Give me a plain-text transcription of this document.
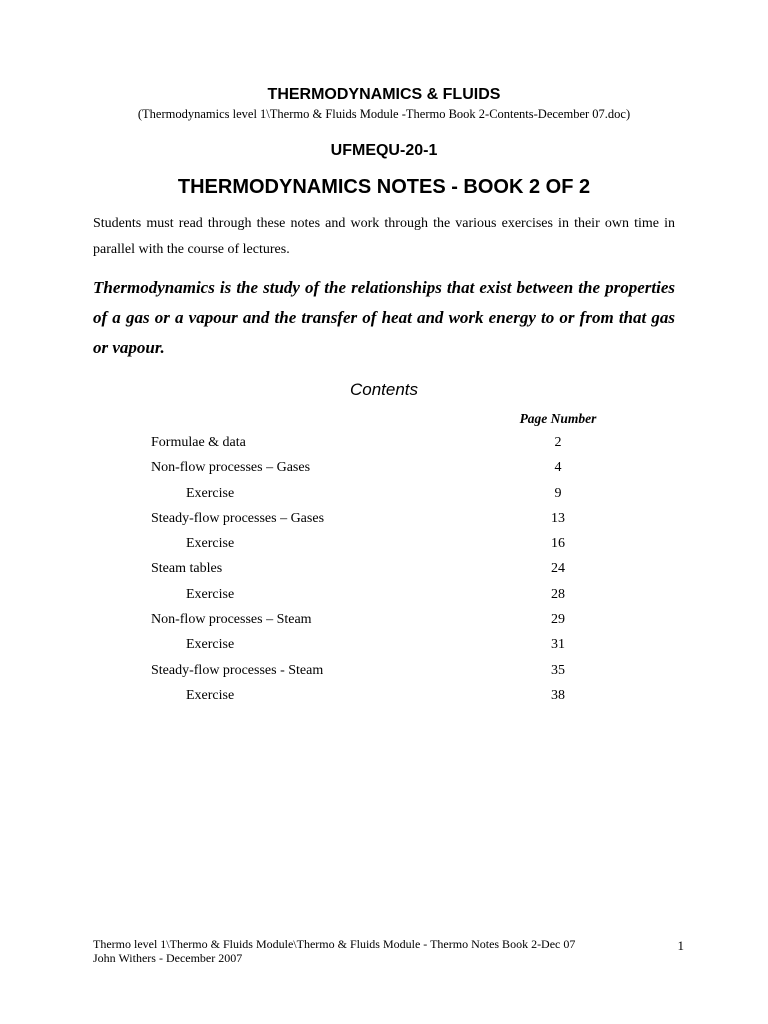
THERMODYNAMICS & FLUIDS
(Thermodynamics level 1\Thermo & Fluids Module -Thermo Book 2-Contents-December 07.doc)
UFMEQU-20-1
THERMODYNAMICS NOTES - BOOK 2 OF 2
Students must read through these notes and work through the various exercises in their own time in parallel with the course of lectures.
Thermodynamics is the study of the relationships that exist between the properties of a gas or a vapour and the transfer of heat and work energy to or from that gas or vapour.
Contents
Page Number
Formulae & data	2
Non-flow processes – Gases	4
Exercise	9
Steady-flow processes – Gases	13
Exercise	16
Steam tables	24
Exercise	28
Non-flow processes – Steam	29
Exercise	31
Steady-flow processes - Steam	35
Exercise	38
Thermo level 1\Thermo & Fluids Module\Thermo & Fluids Module - Thermo Notes Book 2-Dec 07
John Withers - December 2007
1
